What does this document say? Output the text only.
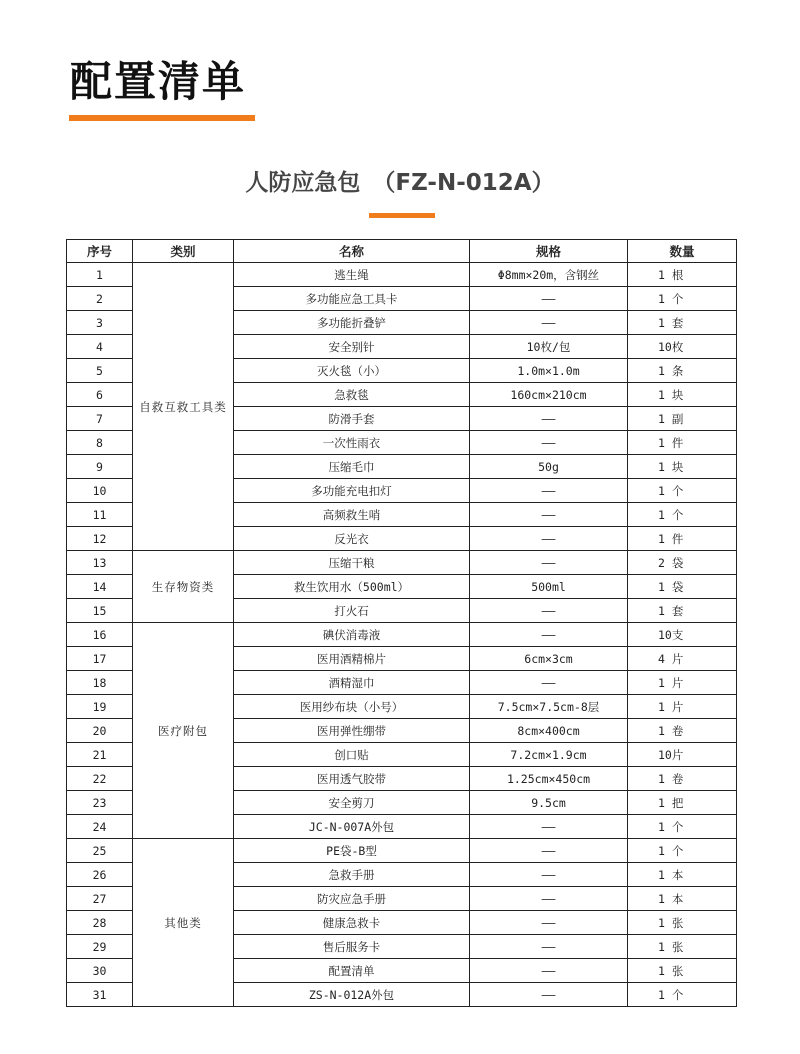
配置清单
人防应急包 （FZ-N-012A）
序号	类别	名称	规格	数量
1	自救互救工具类	逃生绳	Φ8mm×20m，含钢丝	1 根
2		多功能应急工具卡	——	1 个
3		多功能折叠铲	——	1 套
4		安全别针	10枚/包	10枚
5		灭火毯（小）	1.0m×1.0m	1 条
6		急救毯	160cm×210cm	1 块
7		防滑手套	——	1 副
8		一次性雨衣	——	1 件
9		压缩毛巾	50g	1 块
10		多功能充电扣灯	——	1 个
11		高频救生哨	——	1 个
12		反光衣	——	1 件
13	生存物资类	压缩干粮	——	2 袋
14		救生饮用水（500ml）	500ml	1 袋
15		打火石	——	1 套
16	医疗附包	碘伏消毒液	——	10支
17		医用酒精棉片	6cm×3cm	4 片
18		酒精湿巾	——	1 片
19		医用纱布块（小号）	7.5cm×7.5cm-8层	1 片
20		医用弹性绷带	8cm×400cm	1 卷
21		创口贴	7.2cm×1.9cm	10片
22		医用透气胶带	1.25cm×450cm	1 卷
23		安全剪刀	9.5cm	1 把
24		JC-N-007A外包	——	1 个
25	其他类	PE袋-B型	——	1 个
26		急救手册	——	1 本
27		防灾应急手册	——	1 本
28		健康急救卡	——	1 张
29		售后服务卡	——	1 张
30		配置清单	——	1 张
31		ZS-N-012A外包	——	1 个
